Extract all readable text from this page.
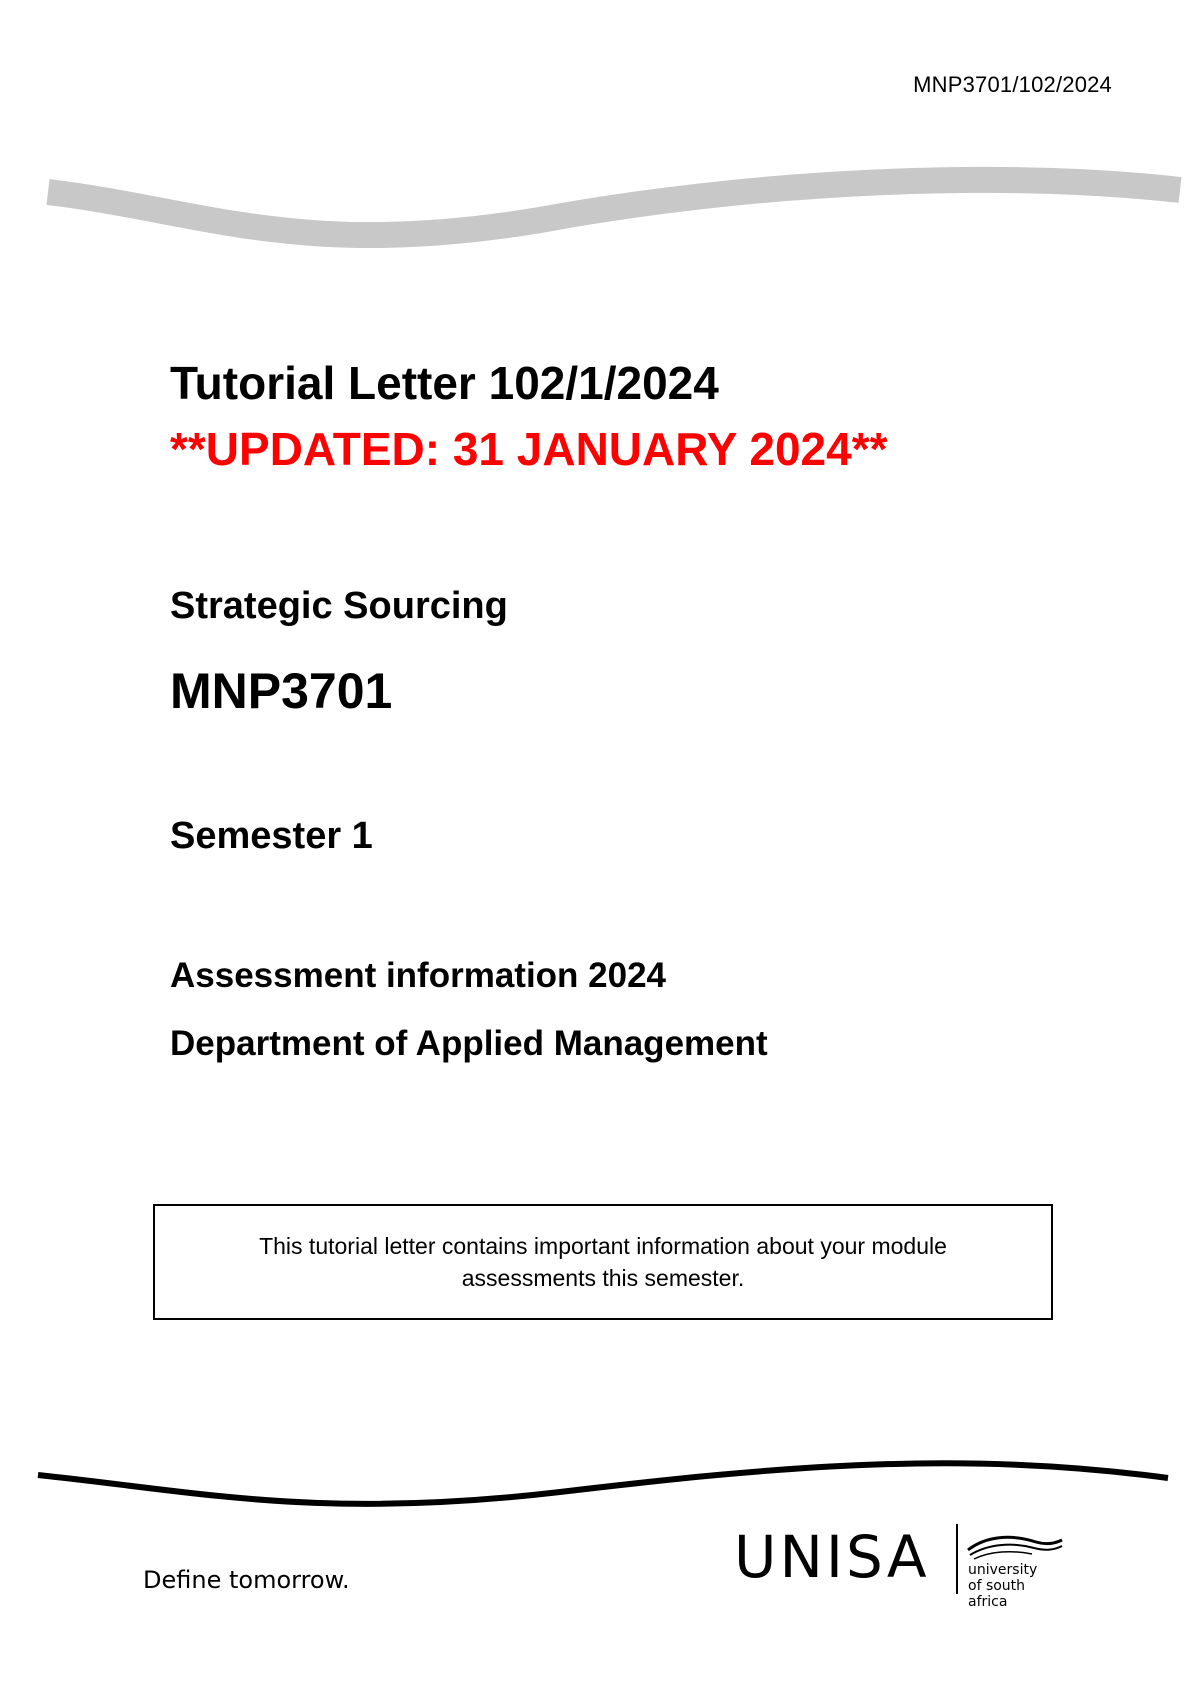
MNP3701/102/2024
Tutorial Letter 102/1/2024
**UPDATED: 31 JANUARY 2024**
Strategic Sourcing
MNP3701
Semester 1
Assessment information 2024
Department of Applied Management
This tutorial letter contains important information about your module assessments this semester.
Define tomorrow.	UNISA	university
of south africa
